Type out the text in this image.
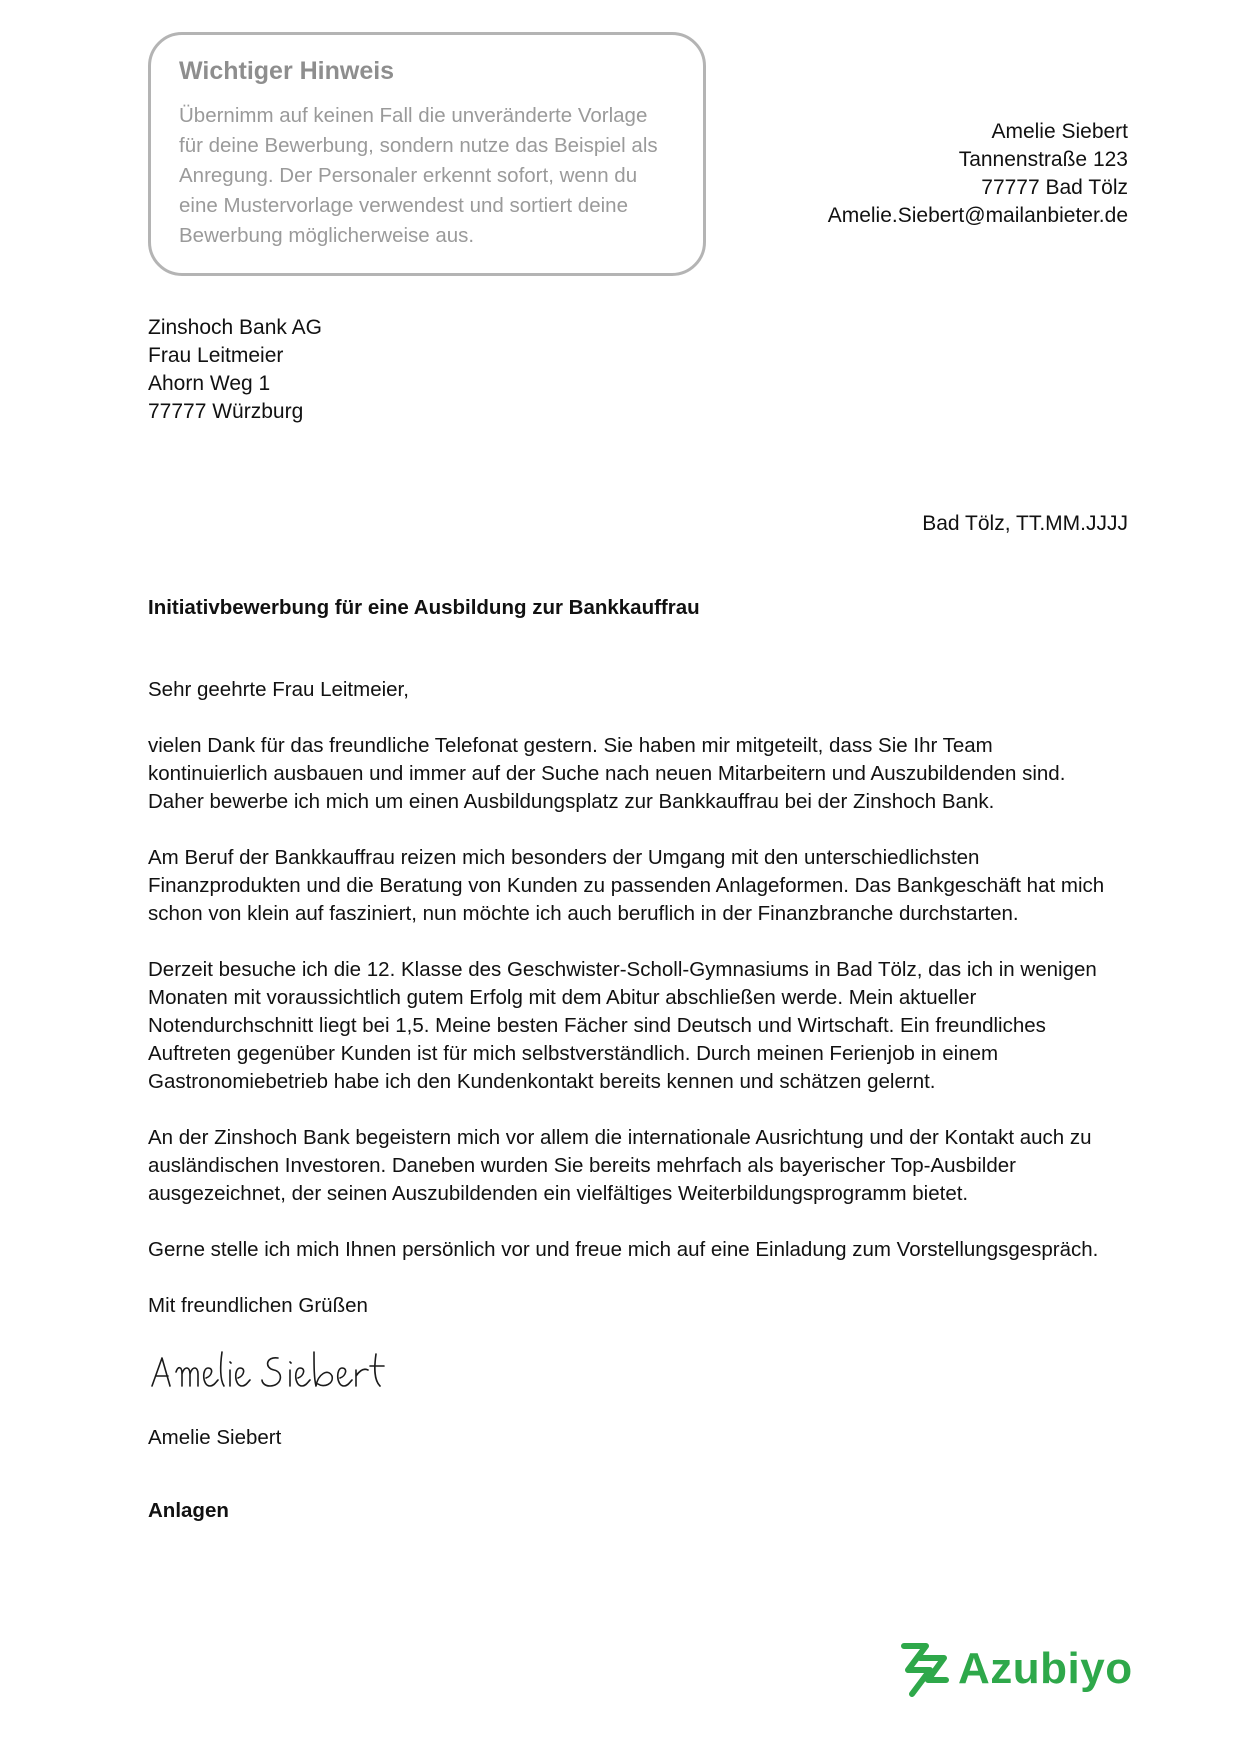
Wichtiger Hinweis

Übernimm auf keinen Fall die unveränderte Vorlage
für deine Bewerbung, sondern nutze das Beispiel als
Anregung. Der Personaler erkennt sofort, wenn du
eine Mustervorlage verwendest und sortiert deine
Bewerbung möglicherweise aus.

Amelie Siebert
Tannenstraße 123
77777 Bad Tölz
Amelie.Siebert@mailanbieter.de
Zinshoch Bank AG
Frau Leitmeier
Ahorn Weg 1
77777 Würzburg
Bad Tölz, TT.MM.JJJJ
Initiativbewerbung für eine Ausbildung zur Bankkauffrau

Sehr geehrte Frau Leitmeier,

vielen Dank für das freundliche Telefonat gestern. Sie haben mir mitgeteilt, dass Sie Ihr Team
kontinuierlich ausbauen und immer auf der Suche nach neuen Mitarbeitern und Auszubildenden sind.
Daher bewerbe ich mich um einen Ausbildungsplatz zur Bankkauffrau bei der Zinshoch Bank.

Am Beruf der Bankkauffrau reizen mich besonders der Umgang mit den unterschiedlichsten
Finanzprodukten und die Beratung von Kunden zu passenden Anlageformen. Das Bankgeschäft hat mich
schon von klein auf fasziniert, nun möchte ich auch beruflich in der Finanzbranche durchstarten.

Derzeit besuche ich die 12. Klasse des Geschwister-Scholl-Gymnasiums in Bad Tölz, das ich in wenigen
Monaten mit voraussichtlich gutem Erfolg mit dem Abitur abschließen werde. Mein aktueller
Notendurchschnitt liegt bei 1,5. Meine besten Fächer sind Deutsch und Wirtschaft. Ein freundliches
Auftreten gegenüber Kunden ist für mich selbstverständlich. Durch meinen Ferienjob in einem
Gastronomiebetrieb habe ich den Kundenkontakt bereits kennen und schätzen gelernt.

An der Zinshoch Bank begeistern mich vor allem die internationale Ausrichtung und der Kontakt auch zu
ausländischen Investoren. Daneben wurden Sie bereits mehrfach als bayerischer Top-Ausbilder
ausgezeichnet, der seinen Auszubildenden ein vielfältiges Weiterbildungsprogramm bietet.

Gerne stelle ich mich Ihnen persönlich vor und freue mich auf eine Einladung zum Vorstellungsgespräch.

Mit freundlichen Grüßen

Amelie Siebert
Anlagen
Azubiyo
